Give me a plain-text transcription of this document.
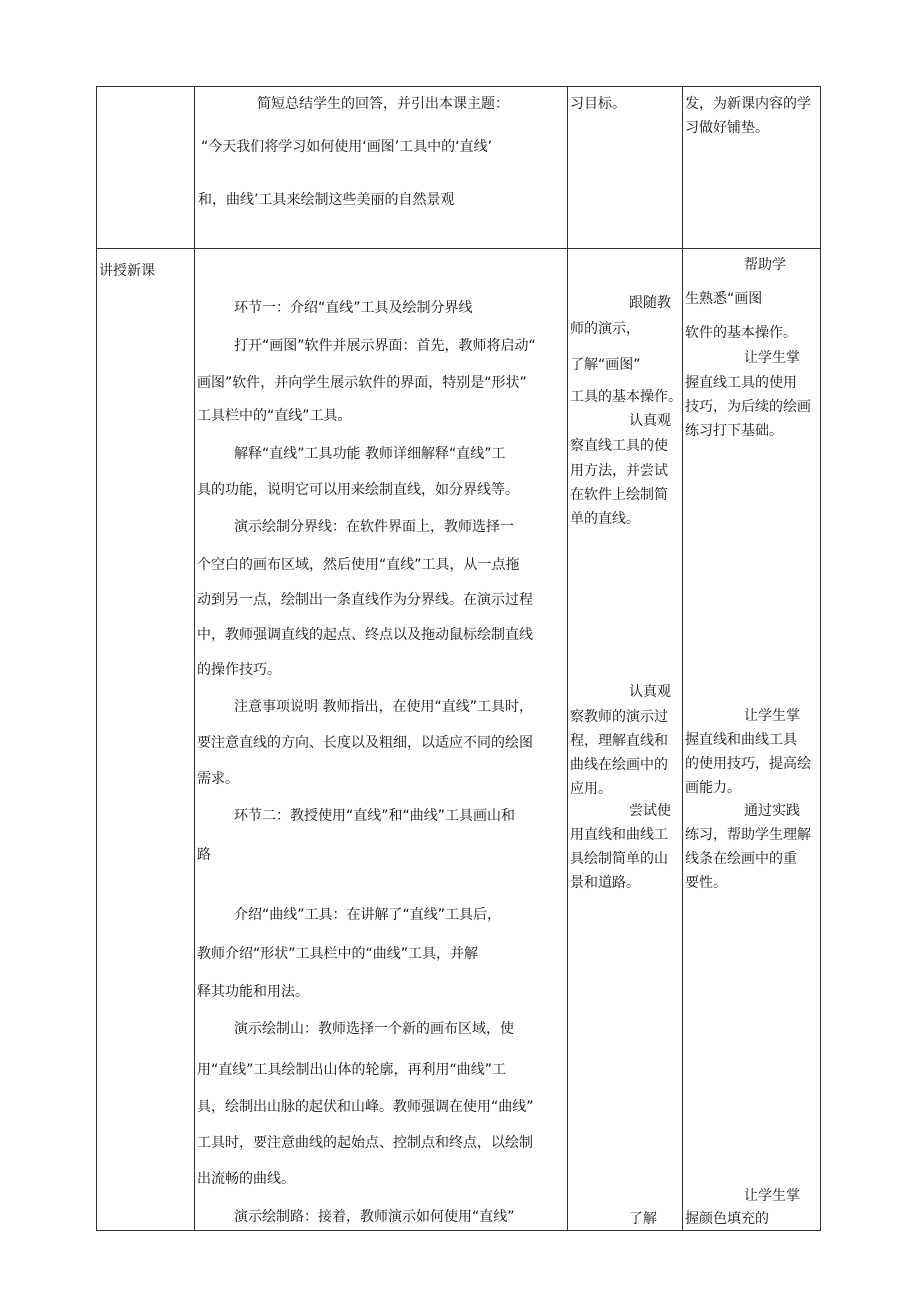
简短总结学生的回答，并引出本课主题：
“今天我们将学习如何使用‘画图’工具中的‘直线’
和，曲线’工具来绘制这些美丽的自然景观
习目标。	发，为新课内容的学
习做好铺垫。
讲授新课
环节一：介绍“直线”工具及绘制分界线
打开“画图”软件并展示界面：首先，教师将启动“
画图”软件，并向学生展示软件的界面，特别是“形状”
工具栏中的“直线”工具。
解释“直线”工具功能 教师详细解释“直线”工
具的功能，说明它可以用来绘制直线，如分界线等。
演示绘制分界线：在软件界面上，教师选择一
个空白的画布区域，然后使用“直线”工具，从一点拖
动到另一点，绘制出一条直线作为分界线。在演示过程
中，教师强调直线的起点、终点以及拖动鼠标绘制直线
的操作技巧。
注意事项说明 教师指出，在使用“直线”工具时，
要注意直线的方向、长度以及粗细，以适应不同的绘图
需求。
环节二：教授使用“直线”和“曲线”工具画山和
路
介绍“曲线”工具：在讲解了“直线”工具后，
教师介绍“形状”工具栏中的“曲线”工具，并解
释其功能和用法。
演示绘制山：教师选择一个新的画布区域，使
用“直线”工具绘制出山体的轮廓，再利用“曲线”工
具，绘制出山脉的起伏和山峰。教师强调在使用“曲线”
工具时，要注意曲线的起始点、控制点和终点，以绘制
出流畅的曲线。
演示绘制路：接着，教师演示如何使用“直线”
跟随教
师的演示，
了解“画图”
工具的基本操作。
认真观
察直线工具的使
用方法，并尝试
在软件上绘制简
单的直线。
认真观
察教师的演示过
程，理解直线和
曲线在绘画中的
应用。
尝试使
用直线和曲线工
具绘制简单的山
景和道路。
了解
帮助学
生熟悉“画图
软件的基本操作。
让学生掌
握直线工具的使用
技巧，为后续的绘画
练习打下基础。
让学生掌
握直线和曲线工具
的使用技巧，提高绘
画能力。
通过实践
练习，帮助学生理解
线条在绘画中的重
要性。
让学生掌
握颜色填充的
